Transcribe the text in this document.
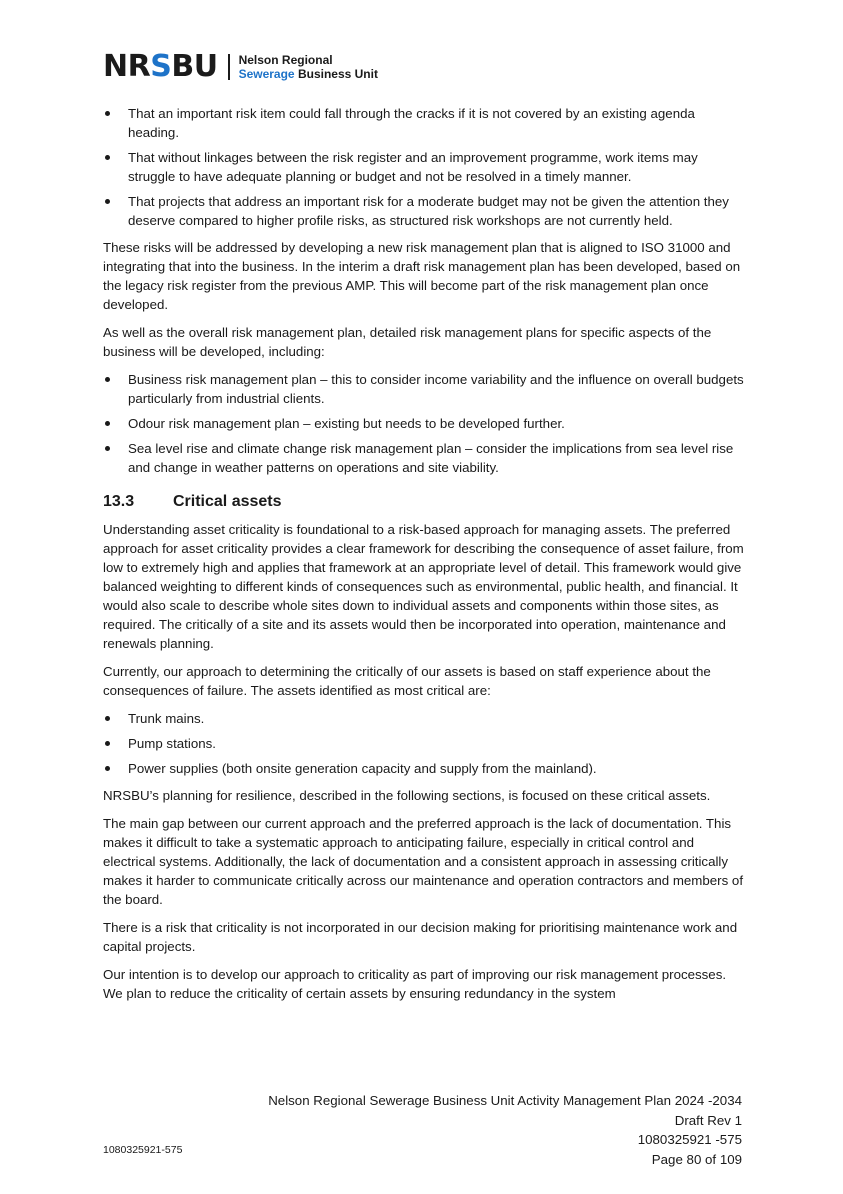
NRSBU Nelson Regional
Sewerage Business Unit
That an important risk item could fall through the cracks if it is not covered by an existing agenda heading.
That without linkages between the risk register and an improvement programme, work items may struggle to have adequate planning or budget and not be resolved in a timely manner.
That projects that address an important risk for a moderate budget may not be given the attention they deserve compared to higher profile risks, as structured risk workshops are not currently held.

These risks will be addressed by developing a new risk management plan that is aligned to ISO 31000 and integrating that into the business. In the interim a draft risk management plan has been developed, based on the legacy risk register from the previous AMP. This will become part of the risk management plan once developed.

As well as the overall risk management plan, detailed risk management plans for specific aspects of the business will be developed, including:

Business risk management plan – this to consider income variability and the influence on overall budgets particularly from industrial clients.
Odour risk management plan – existing but needs to be developed further.
Sea level rise and climate change risk management plan – consider the implications from sea level rise and change in weather patterns on operations and site viability.
13.3	Critical assets

Understanding asset criticality is foundational to a risk-based approach for managing assets. The preferred approach for asset criticality provides a clear framework for describing the consequence of asset failure, from low to extremely high and applies that framework at an appropriate level of detail. This framework would give balanced weighting to different kinds of consequences such as environmental, public health, and financial. It would also scale to describe whole sites down to individual assets and components within those sites, as required. The critically of a site and its assets would then be incorporated into operation, maintenance and renewals planning.

Currently, our approach to determining the critically of our assets is based on staff experience about the consequences of failure. The assets identified as most critical are:

Trunk mains.
Pump stations.
Power supplies (both onsite generation capacity and supply from the mainland).

NRSBU’s planning for resilience, described in the following sections, is focused on these critical assets.

The main gap between our current approach and the preferred approach is the lack of documentation. This makes it difficult to take a systematic approach to anticipating failure, especially in critical control and electrical systems. Additionally, the lack of documentation and a consistent approach in assessing critically makes it harder to communicate critically across our maintenance and operation contractors and members of the board.

There is a risk that criticality is not incorporated in our decision making for prioritising maintenance work and capital projects.

Our intention is to develop our approach to criticality as part of improving our risk management processes. We plan to reduce the criticality of certain assets by ensuring redundancy in the system

Nelson Regional Sewerage Business Unit Activity Management Plan 2024 -2034
Draft Rev 1
1080325921 -575
Page 80 of 109
1080325921-575
